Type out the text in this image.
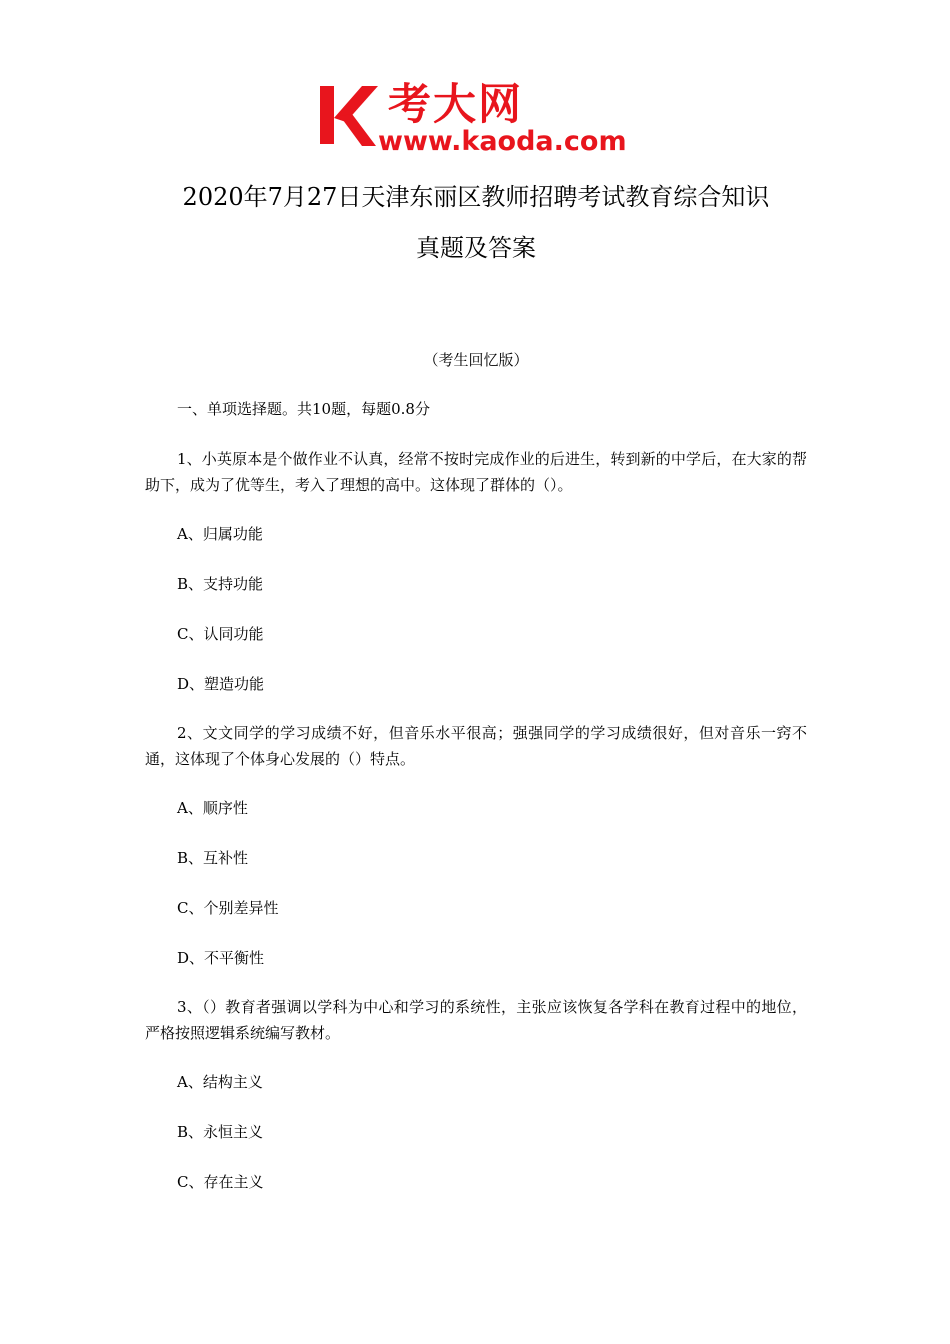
考大网
www.kaoda.com
2020年7月27日天津东丽区教师招聘考试教育综合知识
真题及答案
（考生回忆版）
一、单项选择题。共10题，每题0.8分
1、小英原本是个做作业不认真，经常不按时完成作业的后进生，转到新的中学后，在大家的帮助下，成为了优等生，考入了理想的高中。这体现了群体的（）。
A、归属功能
B、支持功能
C、认同功能
D、塑造功能
2、文文同学的学习成绩不好，但音乐水平很高；强强同学的学习成绩很好，但对音乐一窍不通，这体现了个体身心发展的（）特点。
A、顺序性
B、互补性
C、个别差异性
D、不平衡性
3、（）教育者强调以学科为中心和学习的系统性，主张应该恢复各学科在教育过程中的地位，严格按照逻辑系统编写教材。
A、结构主义
B、永恒主义
C、存在主义
